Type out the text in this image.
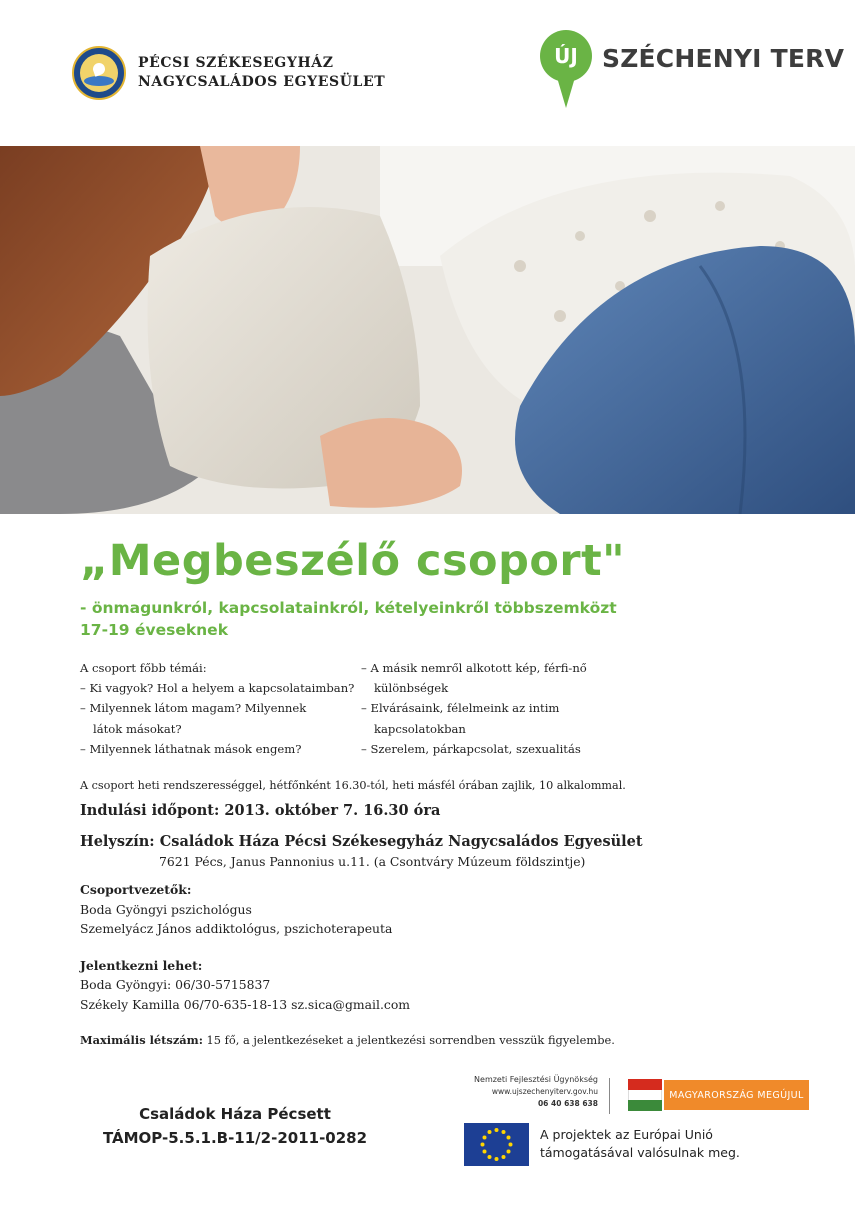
PÉCSI SZÉKESEGYHÁZ
NAGYCSALÁDOS EGYESÜLET
ÚJ SZÉCHENYI TERV
„Megbeszélő csoport"
- önmagunkról, kapcsolatainkról, kételyeinkről többszemközt
17-19 éveseknek
A csoport főbb témái:
– Ki vagyok? Hol a helyem a kapcsolataimban?
– Milyennek látom magam? Milyennek
látok másokat?
– Milyennek láthatnak mások engem?
– A másik nemről alkotott kép, férfi-nő
különbségek
– Elvárásaink, félelmeink az intim
kapcsolatokban
– Szerelem, párkapcsolat, szexualitás
A csoport heti rendszerességgel, hétfőnként 16.30-tól, heti másfél órában zajlik, 10 alkalommal.
Indulási időpont: 2013. október 7. 16.30 óra
Helyszín: Családok Háza Pécsi Székesegyház Nagycsaládos Egyesület
7621 Pécs, Janus Pannonius u.11. (a Csontváry Múzeum földszintje)
Csoportvezetők:
Boda Gyöngyi pszichológus
Szemelyácz János addiktológus, pszichoterapeuta
Jelentkezni lehet:
Boda Gyöngyi: 06/30-5715837
Székely Kamilla 06/70-635-18-13 sz.sica@gmail.com
Maximális létszám: 15 fő, a jelentkezéseket a jelentkezési sorrendben vesszük figyelembe.
Családok Háza Pécsett
TÁMOP-5.5.1.B-11/2-2011-0282
Nemzeti Fejlesztési Ügynökség
www.ujszechenyiterv.gov.hu
06 40 638 638
MAGYARORSZÁG MEGÚJUL
A projektek az Európai Unió
támogatásával valósulnak meg.
